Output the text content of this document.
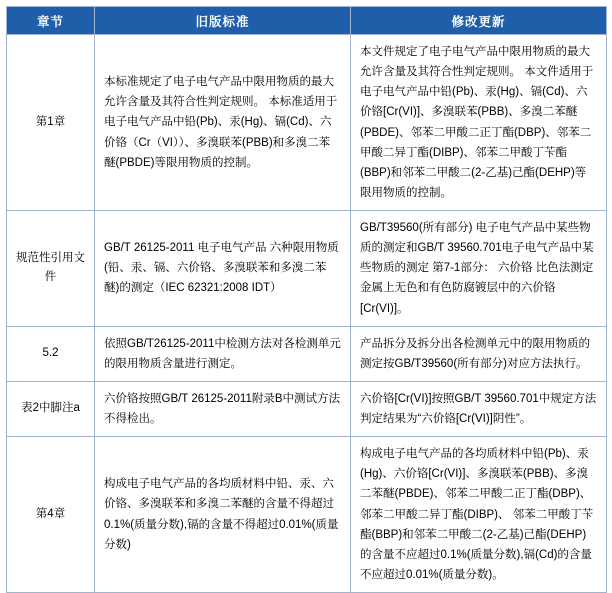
章节	旧版标准	修改更新
第1章	本标准规定了电子电气产品中限用物质的最大允许含量及其符合性判定规则。 本标准适用于电子电气产品中铅(Pb)、汞(Hg)、镉(Cd)、六价铬（Cr（VI））、多溴联苯(PBB)和多溴二苯醚(PBDE)等限用物质的控制。	本文件规定了电子电气产品中限用物质的最大允许含量及其符合性判定规则。 本文件适用于电子电气产品中铅(Pb)、汞(Hg)、镉(Cd)、六价铬[Cr(VI)]、多溴联苯(PBB)、多溴二苯醚(PBDE)、邻苯二甲酸二正丁酯(DBP)、邻苯二甲酸二异丁酯(DIBP)、邻苯二甲酸丁苄酯(BBP)和邻苯二甲酸二(2-乙基)己酯(DEHP)等限用物质的控制。
规范性引用文件	GB/T 26125-2011 电子电气产品 六种限用物质(铅、汞、镉、六价铬、多溴联苯和多溴二苯醚)的测定（IEC 62321:2008 IDT）	GB/T39560(所有部分) 电子电气产品中某些物质的测定和GB/T 39560.701电子电气产品中某些物质的测定 第7-1部分： 六价铬 比色法测定金属上无色和有色防腐镀层中的六价铬[Cr(VI)]。
5.2	依照GB/T26125-2011中检测方法对各检测单元的限用物质含量进行测定。	产品拆分及拆分出各检测单元中的限用物质的测定按GB/T39560(所有部分)对应方法执行。
表2中脚注a	六价铬按照GB/T 26125-2011附录B中测试方法不得检出。	六价铬[Cr(VI)]按照GB/T 39560.701中规定方法判定结果为“六价铬[Cr(VI)]阴性”。
第4章	构成电子电气产品的各均质材料中铅、汞、六价铬、多溴联苯和多溴二苯醚的含量不得超过0.1%(质量分数),镉的含量不得超过0.01%(质量分数)	构成电子电气产品的各均质材料中铅(Pb)、汞(Hg)、六价铬[Cr(VI)]、多溴联苯(PBB)、多溴二苯醚(PBDE)、邻苯二甲酸二正丁酯(DBP)、邻苯二甲酸二异丁酯(DIBP)、 邻苯二甲酸丁苄酯(BBP)和邻苯二甲酸二(2-乙基)己酯(DEHP)的含量不应超过0.1%(质量分数),镉(Cd)的含量不应超过0.01%(质量分数)。
